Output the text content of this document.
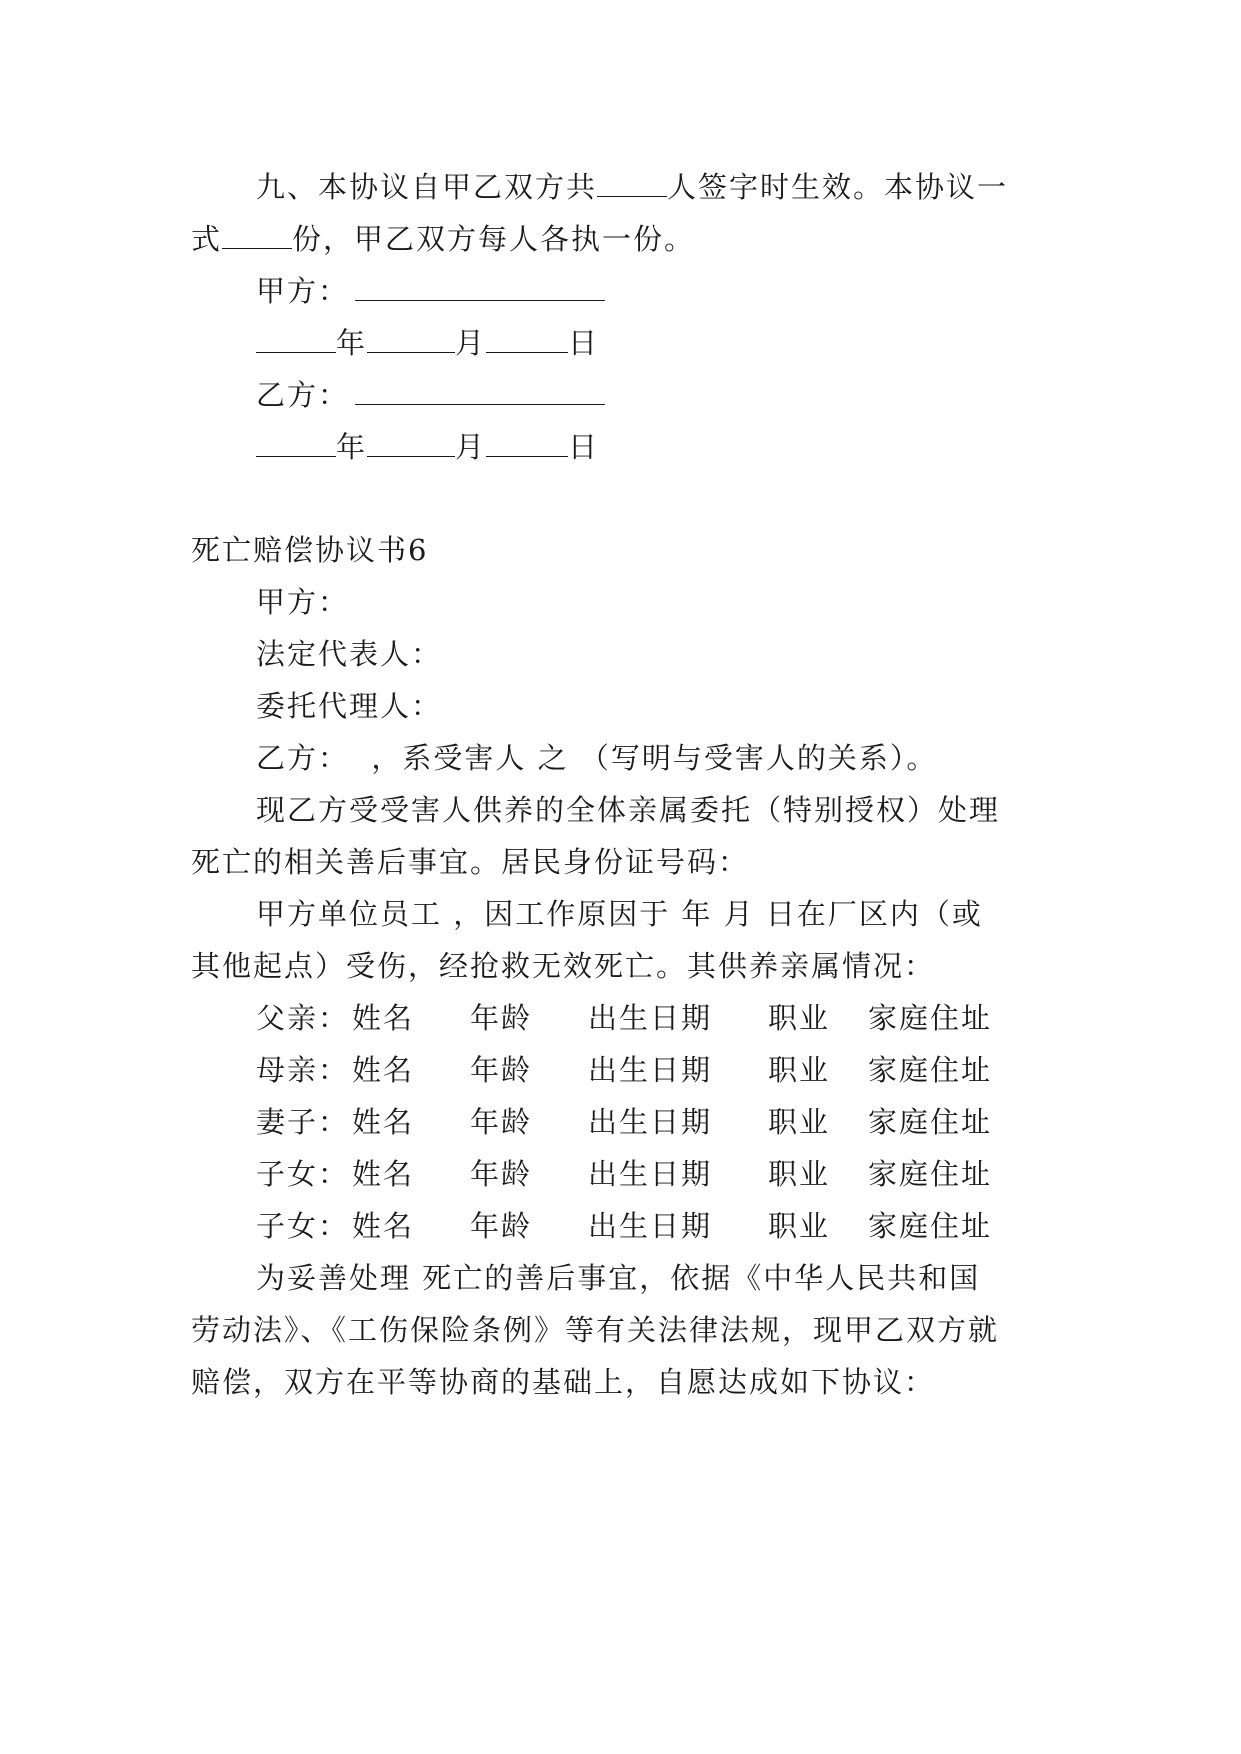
九、本协议自甲乙双方共 人签字时生效。本协议一
式 份，甲乙双方每人各执一份。
甲方：
年	月	日
乙方：
年	月	日
死亡赔偿协议书6
甲方：
法定代表人：
委托代理人：
乙方：  ，系受害人 之 （写明与受害人的关系）。
现乙方受受害人供养的全体亲属委托（特别授权）处理
死亡的相关善后事宜。居民身份证号码：
甲方单位员工 ，因工作原因于 年 月 日在厂区内（或
其他起点）受伤，经抢救无效死亡。其供养亲属情况：
父亲： 姓名 年龄 出生日期 职业 家庭住址
母亲： 姓名 年龄 出生日期 职业 家庭住址
妻子： 姓名 年龄 出生日期 职业 家庭住址
子女： 姓名 年龄 出生日期 职业 家庭住址
子女： 姓名 年龄 出生日期 职业 家庭住址
为妥善处理 死亡的善后事宜，依据《中华人民共和国
劳动法》、《工伤保险条例》等有关法律法规，现甲乙双方就
赔偿，双方在平等协商的基础上，自愿达成如下协议：
